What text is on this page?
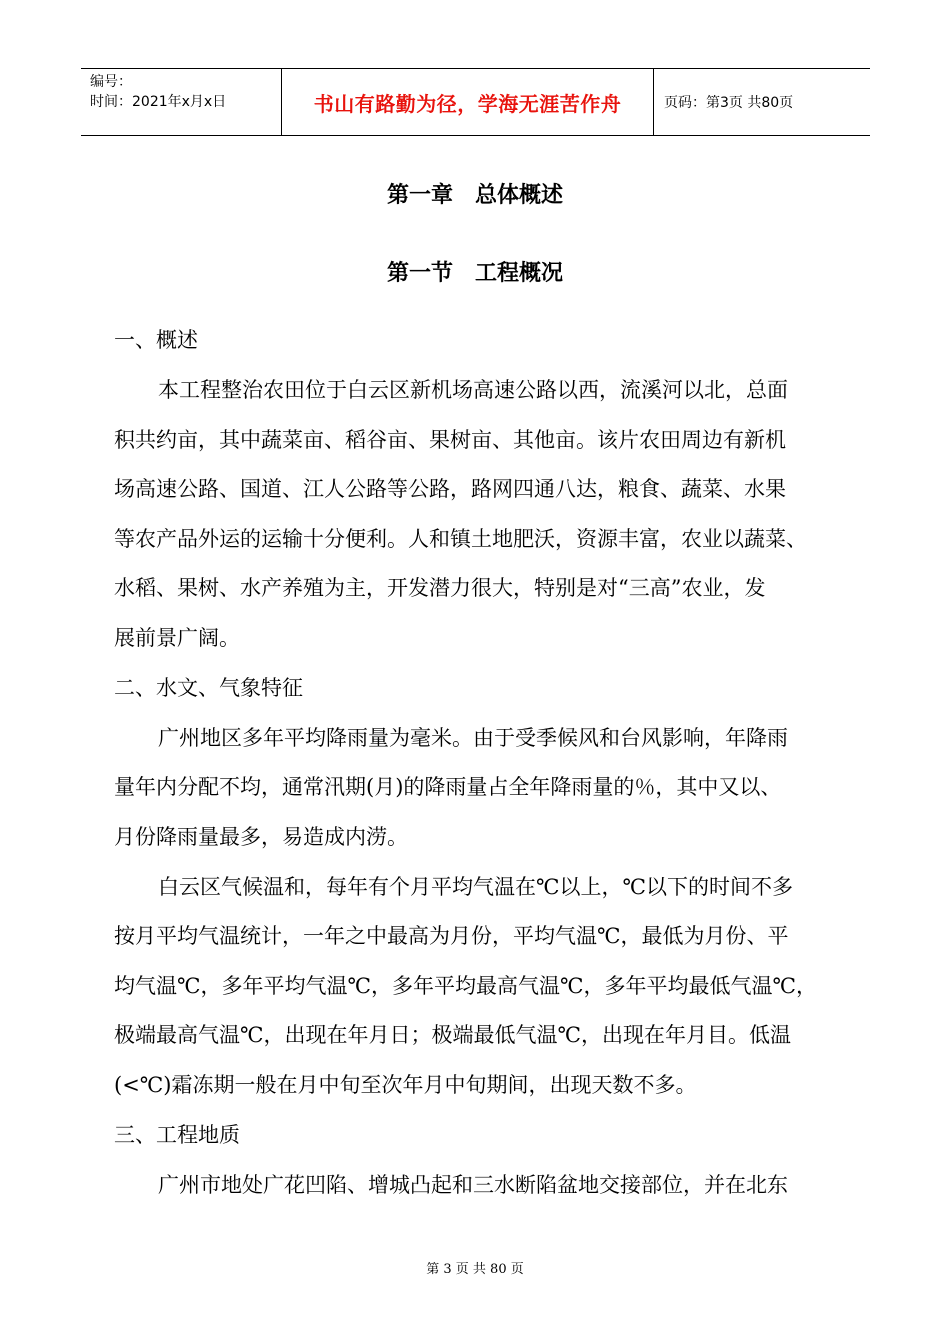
编号：
时间：2021年x月x日	书山有路勤为径，学海无涯苦作舟	页码：第3页 共80页
第一章　总体概述
第一节　工程概况
一、概述
本工程整治农田位于白云区新机场高速公路以西，流溪河以北，总面
积共约亩，其中蔬菜亩、稻谷亩、果树亩、其他亩。该片农田周边有新机
场高速公路、国道、江人公路等公路，路网四通八达，粮食、蔬菜、水果
等农产品外运的运输十分便利。人和镇土地肥沃，资源丰富，农业以蔬菜、
水稻、果树、水产养殖为主，开发潜力很大，特别是对“三高”农业，发
展前景广阔。
二、水文、气象特征
广州地区多年平均降雨量为毫米。由于受季候风和台风影响，年降雨
量年内分配不均，通常汛期(月)的降雨量占全年降雨量的％，其中又以、
月份降雨量最多，易造成内涝。
白云区气候温和，每年有个月平均气温在℃以上，℃以下的时间不多
按月平均气温统计，一年之中最高为月份，平均气温℃，最低为月份、平
均气温℃，多年平均气温℃，多年平均最高气温℃，多年平均最低气温℃，
极端最高气温℃，出现在年月日；极端最低气温℃，出现在年月目。低温
(<℃)霜冻期一般在月中旬至次年月中旬期间，出现天数不多。
三、工程地质
广州市地处广花凹陷、增城凸起和三水断陷盆地交接部位，并在北东
第 3 页 共 80 页
